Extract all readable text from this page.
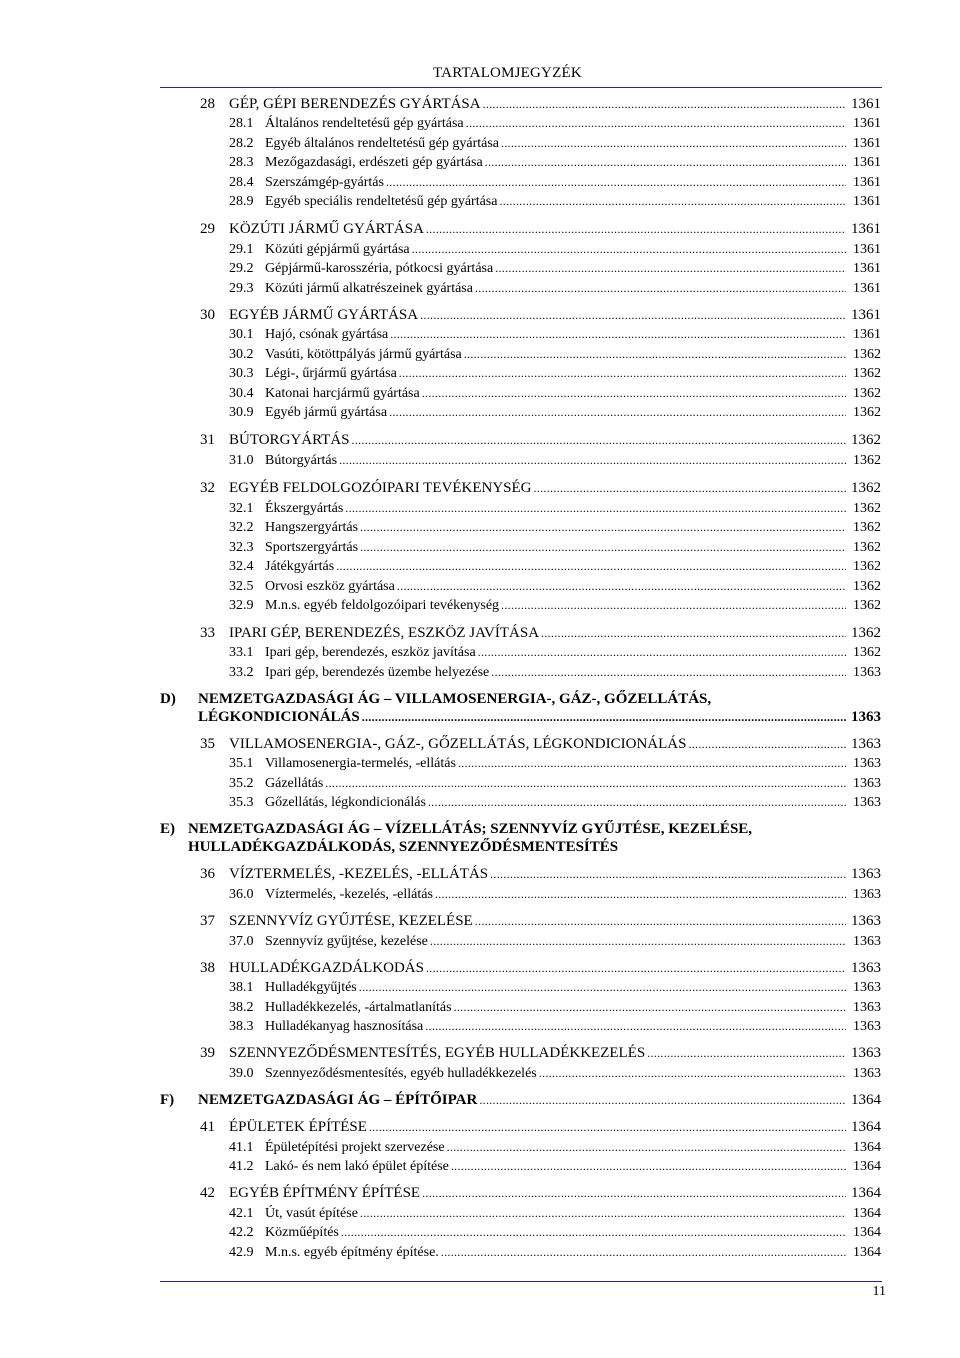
TARTALOMJEGYZÉK
28 GÉP, GÉPI BERENDEZÉS GYÁRTÁSA .....	1361
28.1 Általános rendeltetésű gép gyártása .....	1361
28.2 Egyéb általános rendeltetésű gép gyártása .....	1361
28.3 Mezőgazdasági, erdészeti gép gyártása .....	1361
28.4 Szerszámgép-gyártás .....	1361
28.9 Egyéb speciális rendeltetésű gép gyártása .....	1361
29 KÖZÚTI JÁRMŰ GYÁRTÁSA .....	1361
29.1 Közúti gépjármű gyártása .....	1361
29.2 Gépjármű-karosszéria, pótkocsi gyártása .....	1361
29.3 Közúti jármű alkatrészeinek gyártása .....	1361
30 EGYÉB JÁRMŰ GYÁRTÁSA .....	1361
30.1 Hajó, csónak gyártása .....	1361
30.2 Vasúti, kötöttpályás jármű gyártása .....	1362
30.3 Légi-, űrjármű gyártása .....	1362
30.4 Katonai harcjármű gyártása .....	1362
30.9 Egyéb jármű gyártása .....	1362
31 BÚTORGYÁRTÁS .....	1362
31.0 Bútorgyártás .....	1362
32 EGYÉB FELDOLGOZÓIPARI TEVÉKENYSÉG .....	1362
32.1 Ékszergyártás .....	1362
32.2 Hangszergyártás .....	1362
32.3 Sportszergyártás .....	1362
32.4 Játékgyártás .....	1362
32.5 Orvosi eszköz gyártása .....	1362
32.9 M.n.s. egyéb feldolgozóipari tevékenység .....	1362
33 IPARI GÉP, BERENDEZÉS, ESZKÖZ JAVÍTÁSA .....	1362
33.1 Ipari gép, berendezés, eszköz javítása .....	1362
33.2 Ipari gép, berendezés üzembe helyezése .....	1363
D)	NEMZETGAZDASÁGI ÁG – VILLAMOSENERGIA-, GÁZ-, GŐZELLÁTÁS,
LÉGKONDICIONÁLÁS .....	1363
35 VILLAMOSENERGIA-, GÁZ-, GŐZELLÁTÁS, LÉGKONDICIONÁLÁS .....	1363
35.1 Villamosenergia-termelés, -ellátás .....	1363
35.2 Gázellátás .....	1363
35.3 Gőzellátás, légkondicionálás .....	1363
E) NEMZETGAZDASÁGI ÁG – VÍZELLÁTÁS; SZENNYVÍZ GYŰJTÉSE, KEZELÉSE,
HULLADÉKGAZDÁLKODÁS, SZENNYEZŐDÉSMENTESÍTÉS
36 VÍZTERMELÉS, -KEZELÉS, -ELLÁTÁS .....	1363
36.0 Víztermelés, -kezelés, -ellátás .....	1363
37 SZENNYVÍZ GYŰJTÉSE, KEZELÉSE .....	1363
37.0 Szennyvíz gyűjtése, kezelése .....	1363
38 HULLADÉKGAZDÁLKODÁS .....	1363
38.1 Hulladékgyűjtés .....	1363
38.2 Hulladékkezelés, -ártalmatlanítás .....	1363
38.3 Hulladékanyag hasznosítása .....	1363
39 SZENNYEZŐDÉSMENTESÍTÉS, EGYÉB HULLADÉKKEZELÉS .....	1363
39.0 Szennyeződésmentesítés, egyéb hulladékkezelés .....	1363
F)	NEMZETGAZDASÁGI ÁG – ÉPÍTŐIPAR .....	1364
41 ÉPÜLETEK ÉPÍTÉSE .....	1364
41.1 Épületépítési projekt szervezése .....	1364
41.2 Lakó- és nem lakó épület építése .....	1364
42 EGYÉB ÉPÍTMÉNY ÉPÍTÉSE .....	1364
42.1 Út, vasút építése .....	1364
42.2 Közműépítés .....	1364
42.9 M.n.s. egyéb építmény építése. .....	1364
11
